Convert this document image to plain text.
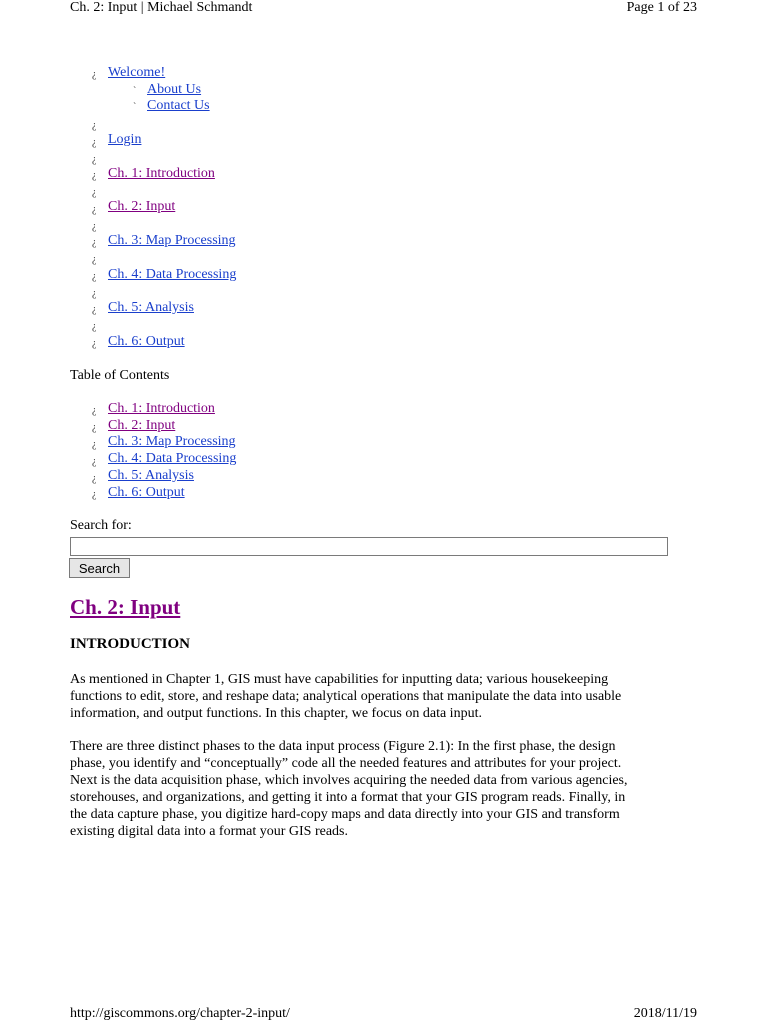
Ch. 2: Input | Michael Schmandt	Page 1 of 23
¿ Welcome!
` About Us
` Contact Us
¿
¿ Login
¿
¿ Ch. 1: Introduction
¿
¿ Ch. 2: Input
¿
¿ Ch. 3: Map Processing
¿
¿ Ch. 4: Data Processing
¿
¿ Ch. 5: Analysis
¿
¿ Ch. 6: Output
Table of Contents
¿ Ch. 1: Introduction
¿ Ch. 2: Input
¿ Ch. 3: Map Processing
¿ Ch. 4: Data Processing
¿ Ch. 5: Analysis
¿ Ch. 6: Output
Search for:
Search
Ch. 2: Input
INTRODUCTION
As mentioned in Chapter 1, GIS must have capabilities for inputting data; various housekeeping
functions to edit, store, and reshape data; analytical operations that manipulate the data into usable
information, and output functions. In this chapter, we focus on data input.
There are three distinct phases to the data input process (Figure 2.1): In the first phase, the design
phase, you identify and “conceptually” code all the needed features and attributes for your project.
Next is the data acquisition phase, which involves acquiring the needed data from various agencies,
storehouses, and organizations, and getting it into a format that your GIS program reads. Finally, in
the data capture phase, you digitize hard-copy maps and data directly into your GIS and transform
existing digital data into a format your GIS reads.
http://giscommons.org/chapter-2-input/	2018/11/19
